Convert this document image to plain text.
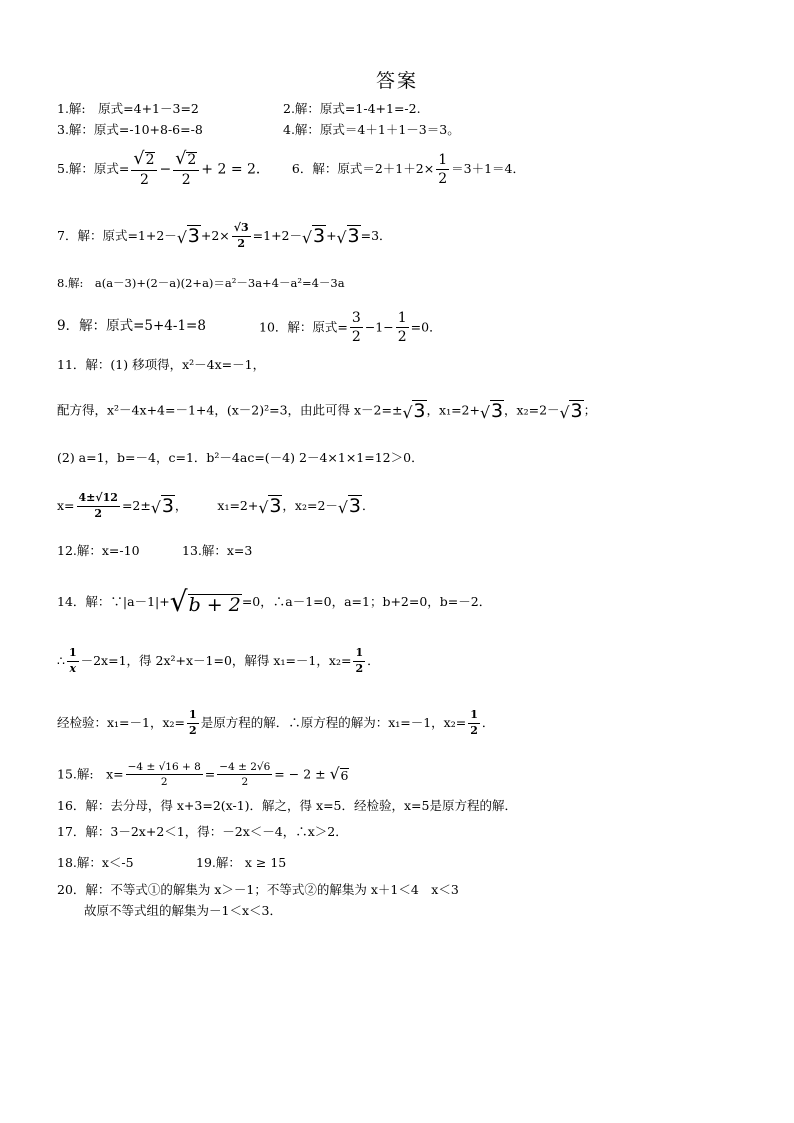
答案
1.解:　原式=4+1－3=2	2.解：原式=1-4+1=-2.
3.解：原式=-10+8-6=-8	4.解：原式＝4＋1＋1－3＝3。
5.解：原式= $\frac{√ 2}{2} - \frac{√ 2}{2} + 2 = 2$． 6．解：原式$=2+1+2\times \frac{1}{2} =3+1=4$．
7．解：原式=1+2－ √ $3 +2\times \frac{√3}{2} =1+2-$ √ 3 + √ 3 =3．
8.解:　a(a－3)+(2－a)(2+a)＝a²－3a+4－a²=4－3a
9．解：原式=5+4-1=8	10．解：原式= $\frac{3}{2} -1- \frac{1}{2} =0$．
11．解：(1) 移项得，x²－4x=－1，
配方得，x²－4x+4=－1+4，(x－2)²=3，由此可得 x－2=± √ 3 ，x₁=2+ √ 3 ，x₂=2－ √ 3 ；
(2) a=1，b=－4，c=1．b²－4ac=(－4) 2－4×1×1=12＞0．
$x= \frac{4\pm√12}{2} =2\pm$ √ 3 ， x₁=2+ √ 3 ，x₂=2－ √ 3 ．
12.解：x=-10	13.解：x=3
14．解：∵|a－1|+ √ b + 2 =0，∴a－1=0，a=1；b+2=0，b=－2．
∴ $\frac{1}{x} -2x=1$，得 2x²+x－1=0，解得 x₁=－1，$x_2= \frac{1}{2}$ ．
经检验：x₁=－1，$x_2= \frac{1}{2}$ 是原方程的解．∴原方程的解为：x₁=－1，$x_2= \frac{1}{2}$ ．
15.解:　$x= \frac{-4 \pm √16 + 8}{2} = \frac{-4 \pm 2√6}{2}$ = − 2 ± √ 6
16．解：去分母，得 x+3=2(x-1)．解之，得 x=5．经检验，x=5是原方程的解．
17．解：3－2x+2＜1，得：－2x＜－4，∴x＞2．
18.解：x＜-5	19.解： x ≥ 15
20．解：不等式①的解集为 x＞－1；不等式②的解集为 x＋1＜4　x＜3
故原不等式组的解集为－1＜x＜3．
